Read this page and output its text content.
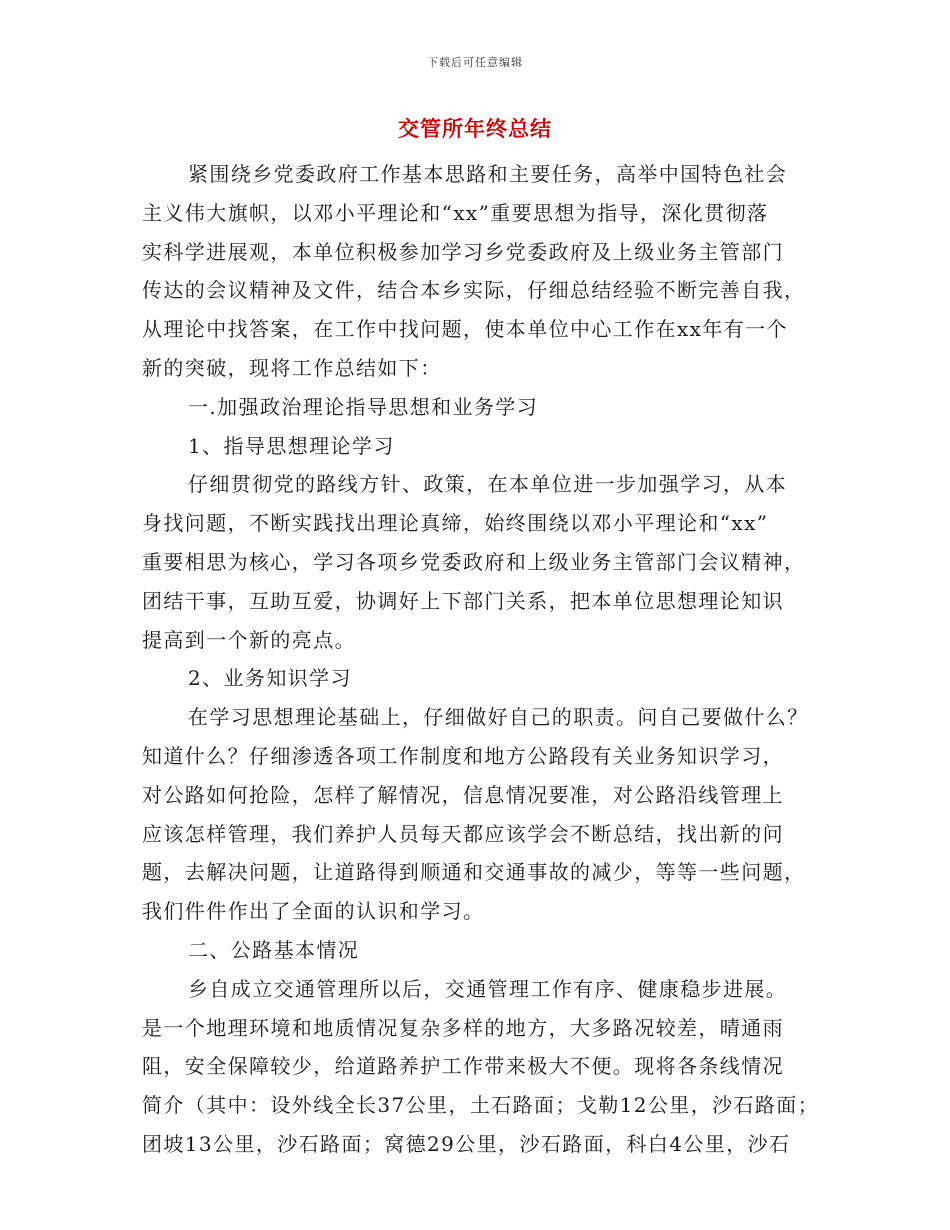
下载后可任意编辑
交管所年终总结
紧围绕乡党委政府工作基本思路和主要任务，高举中国特色社会
主义伟大旗帜，以邓小平理论和“xx”重要思想为指导，深化贯彻落
实科学进展观，本单位积极参加学习乡党委政府及上级业务主管部门
传达的会议精神及文件，结合本乡实际，仔细总结经验不断完善自我，
从理论中找答案，在工作中找问题，使本单位中心工作在xx年有一个
新的突破，现将工作总结如下：
一.加强政治理论指导思想和业务学习
1、指导思想理论学习
仔细贯彻党的路线方针、政策，在本单位进一步加强学习，从本
身找问题，不断实践找出理论真缔，始终围绕以邓小平理论和“xx”
重要相思为核心，学习各项乡党委政府和上级业务主管部门会议精神，
团结干事，互助互爱，协调好上下部门关系，把本单位思想理论知识
提高到一个新的亮点。
2、业务知识学习
在学习思想理论基础上，仔细做好自己的职责。问自己要做什么？
知道什么？仔细渗透各项工作制度和地方公路段有关业务知识学习，
对公路如何抢险，怎样了解情况，信息情况要准，对公路沿线管理上
应该怎样管理，我们养护人员每天都应该学会不断总结，找出新的问
题，去解决问题，让道路得到顺通和交通事故的减少，等等一些问题，
我们件件作出了全面的认识和学习。
二、公路基本情况
乡自成立交通管理所以后，交通管理工作有序、健康稳步进展。
是一个地理环境和地质情况复杂多样的地方，大多路况较差，晴通雨
阻，安全保障较少，给道路养护工作带来极大不便。现将各条线情况
简介（其中：设外线全长37公里，土石路面；戈勒12公里，沙石路面；
团坡13公里，沙石路面；窝德29公里，沙石路面，科白4公里，沙石
